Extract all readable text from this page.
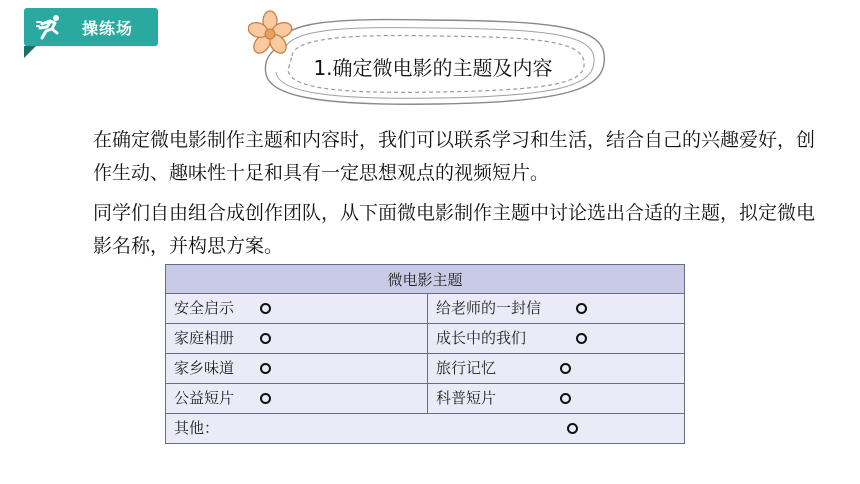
操练场
1.确定微电影的主题及内容
在确定微电影制作主题和内容时，我们可以联系学习和生活，结合自己的兴趣爱好，创作生动、趣味性十足和具有一定思想观点的视频短片。
同学们自由组合成创作团队，从下面微电影制作主题中讨论选出合适的主题，拟定微电影名称，并构思方案。
微电影主题	

安全启示	给老师的一封信

家庭相册	成长中的我们

家乡味道	旅行记忆

公益短片	科普短片

其他：	
